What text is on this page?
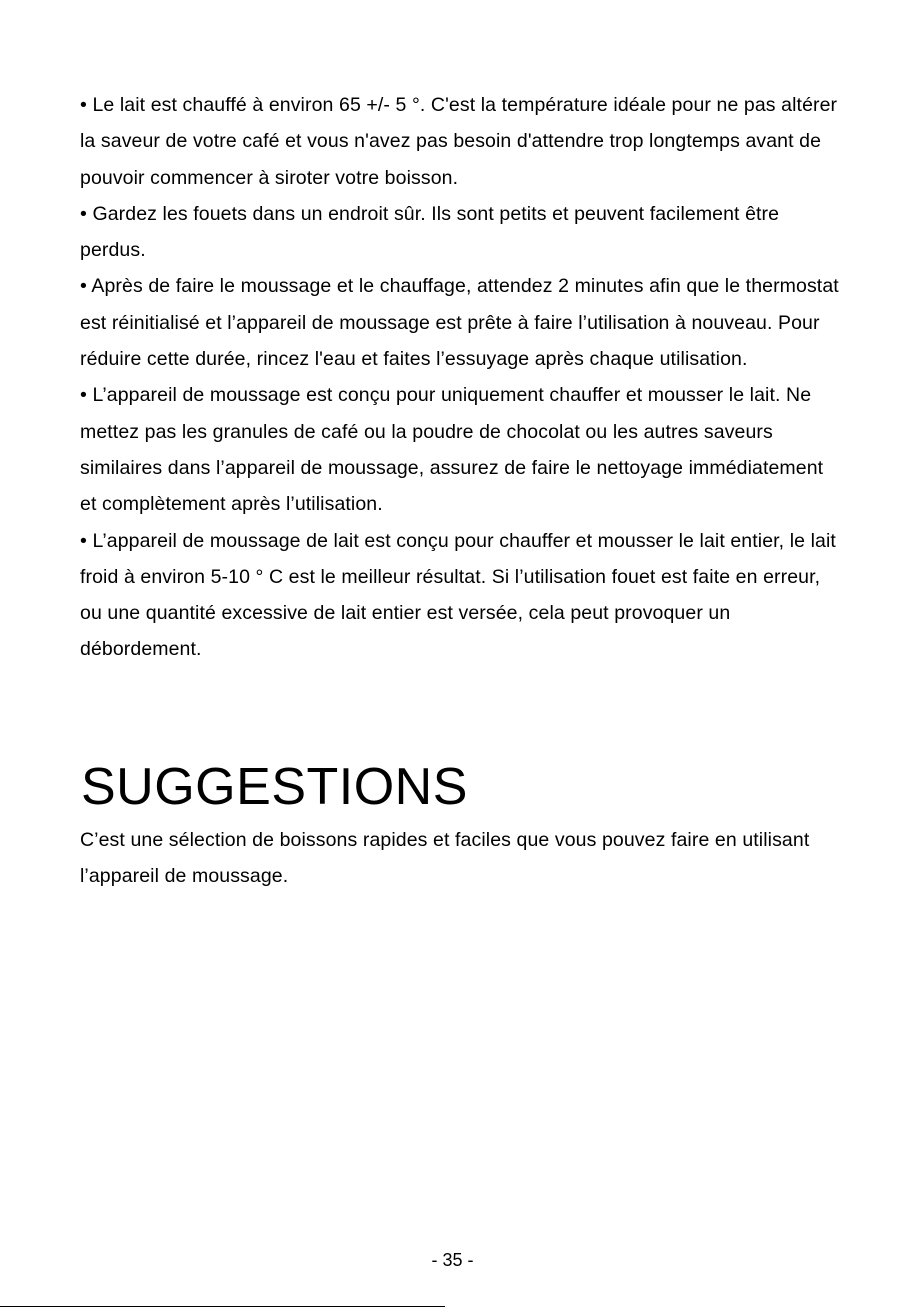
• Le lait est chauffé à environ 65 +/- 5 °. C'est la température idéale pour ne pas altérer la saveur de votre café et vous n'avez pas besoin d'attendre trop longtemps avant de pouvoir commencer à siroter votre boisson.

• Gardez les fouets dans un endroit sûr. Ils sont petits et peuvent facilement être perdus.

• Après de faire le moussage et le chauffage, attendez 2 minutes afin que le thermostat est réinitialisé et l’appareil de moussage est prête à faire l’utilisation à nouveau. Pour réduire cette durée, rincez l'eau et faites l’essuyage après chaque utilisation.

• L’appareil de moussage est conçu pour uniquement chauffer et mousser le lait. Ne mettez pas les granules de café ou la poudre de chocolat ou les autres saveurs similaires dans l’appareil de moussage, assurez de faire le nettoyage immédiatement et complètement après l’utilisation.

• L’appareil de moussage de lait est conçu pour chauffer et mousser le lait entier, le lait froid à environ 5-10 ° C est le meilleur résultat. Si l’utilisation fouet est faite en erreur, ou une quantité excessive de lait entier est versée, cela peut provoquer un débordement.

SUGGESTIONS

C’est une sélection de boissons rapides et faciles que vous pouvez faire en utilisant l’appareil de moussage.

- 35 -
